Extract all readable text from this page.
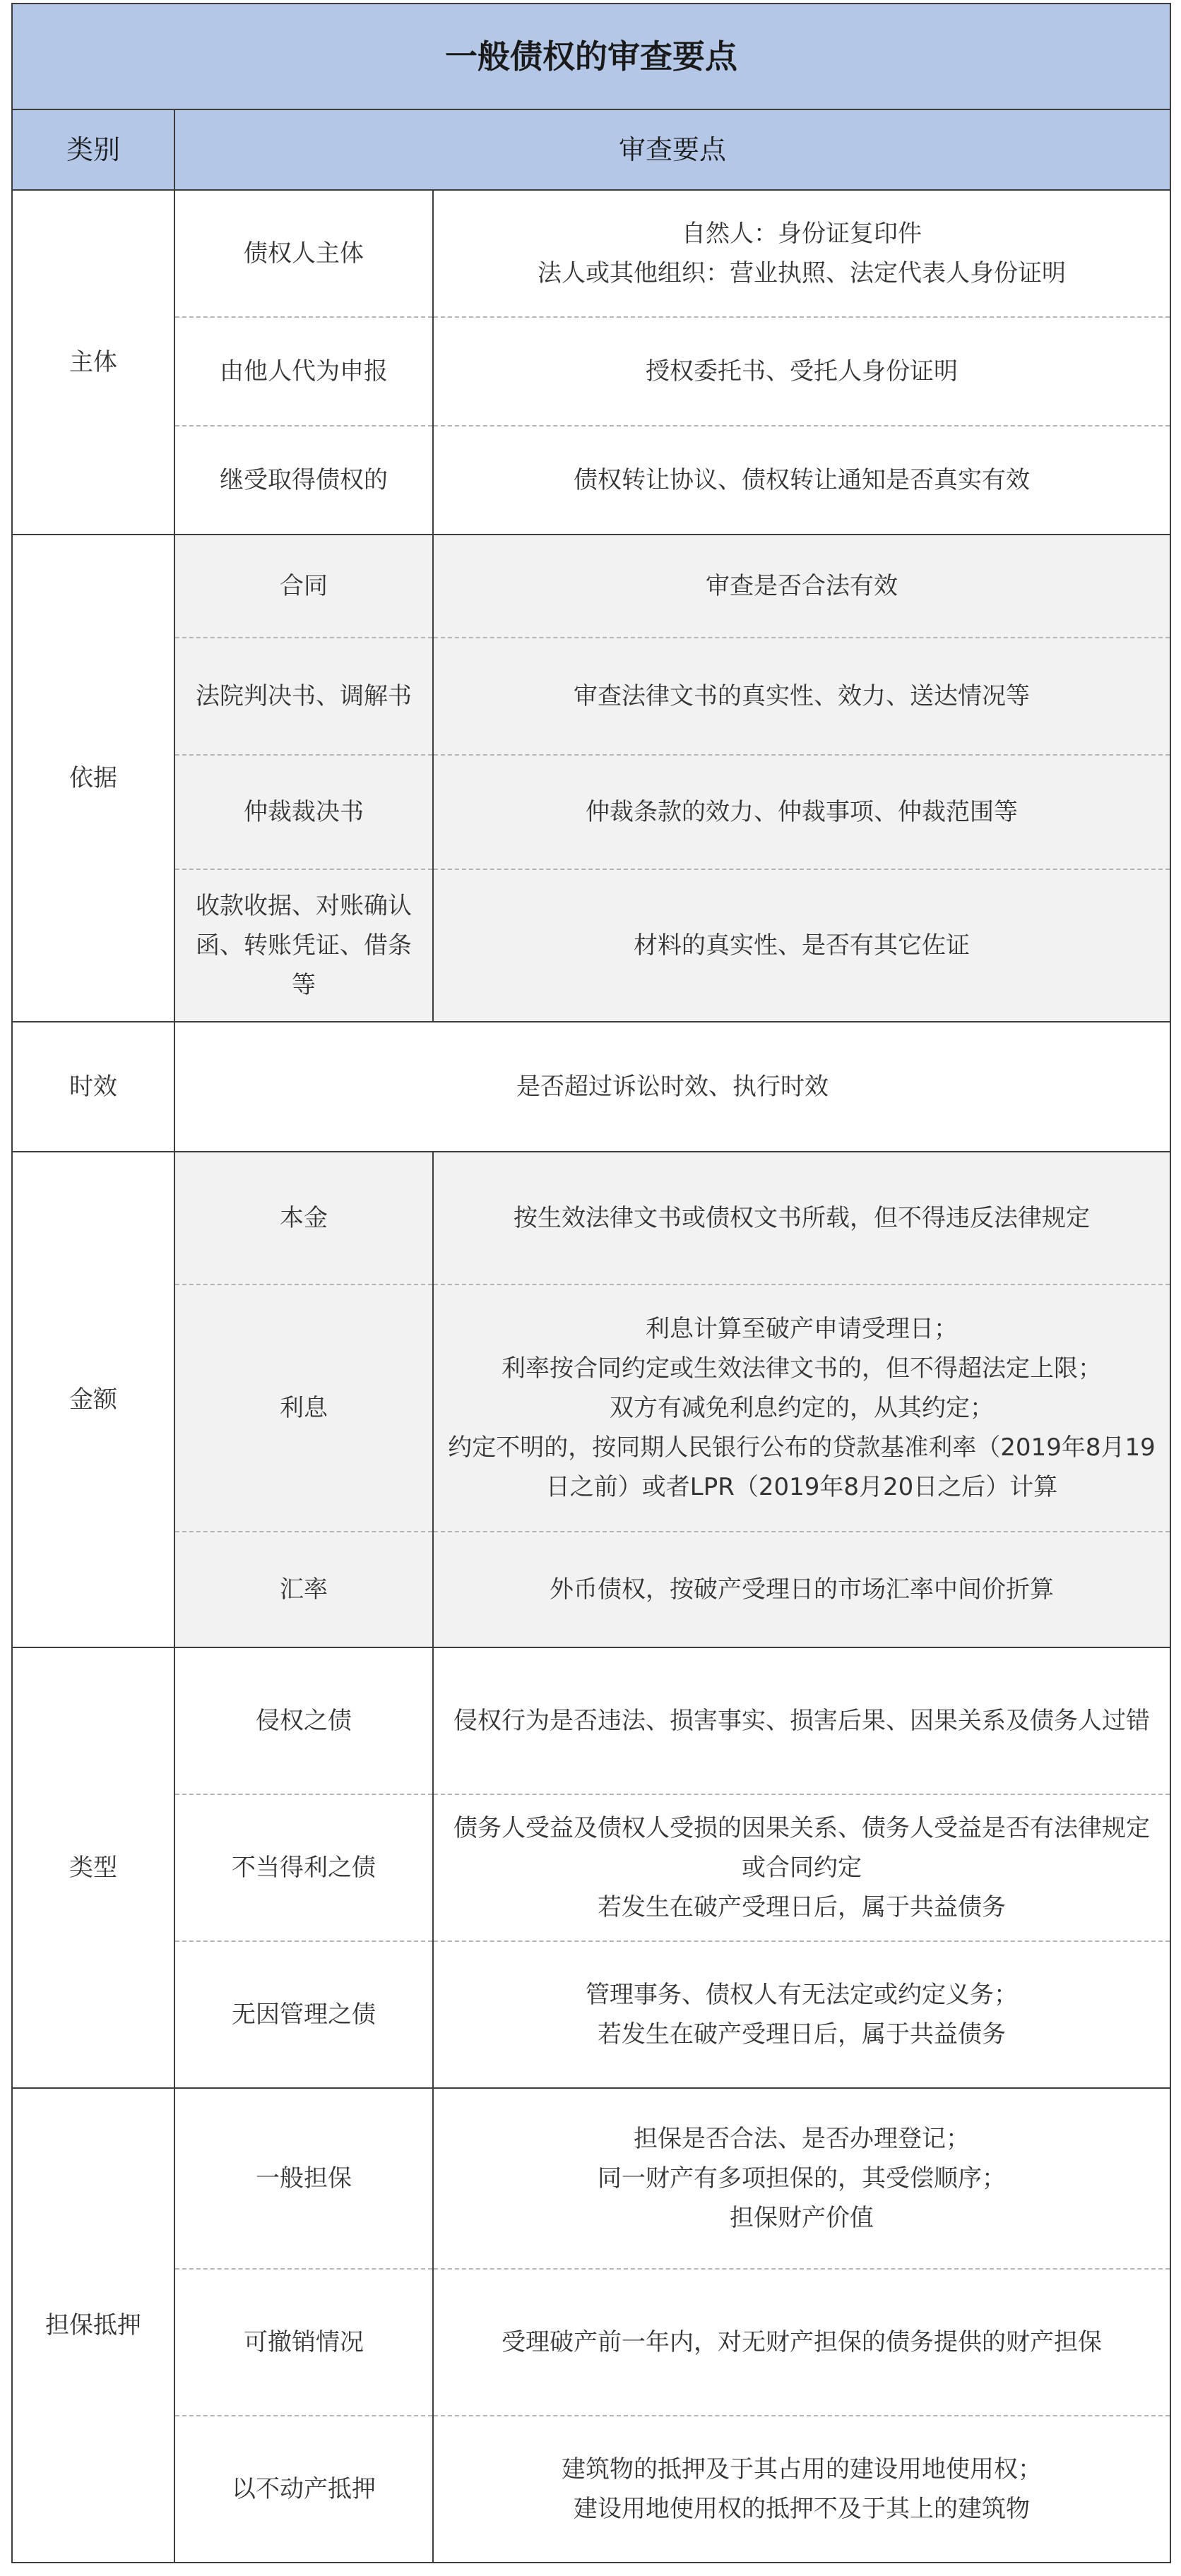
一般债权的审查要点		
类别	审查要点	
主体	债权人主体	自然人：身份证复印件
法人或其他组织：营业执照、法定代表人身份证明

	由他人代为申报	授权委托书、受托人身份证明

	继受取得债权的	债权转让协议、债权转让通知是否真实有效

依据	合同	审查是否合法有效

	法院判决书、调解书	审查法律文书的真实性、效力、送达情况等

	仲裁裁决书	仲裁条款的效力、仲裁事项、仲裁范围等

	收款收据、对账确认函、转账凭证、借条等	材料的真实性、是否有其它佐证

时效	是否超过诉讼时效、执行时效	

金额	本金	按生效法律文书或债权文书所载，但不得违反法律规定

	利息	利息计算至破产申请受理日；
利率按合同约定或生效法律文书的，但不得超法定上限；
双方有减免利息约定的，从其约定；
约定不明的，按同期人民银行公布的贷款基准利率（2019年8月19日之前）或者LPR（2019年8月20日之后）计算

	汇率	外币债权，按破产受理日的市场汇率中间价折算

类型	侵权之债	侵权行为是否违法、损害事实、损害后果、因果关系及债务人过错

	不当得利之债	债务人受益及债权人受损的因果关系、债务人受益是否有法律规定或合同约定
若发生在破产受理日后，属于共益债务

	无因管理之债	管理事务、债权人有无法定或约定义务；
若发生在破产受理日后，属于共益债务

担保抵押	一般担保	担保是否合法、是否办理登记；
同一财产有多项担保的，其受偿顺序；
担保财产价值

	可撤销情况	受理破产前一年内，对无财产担保的债务提供的财产担保

	以不动产抵押	建筑物的抵押及于其占用的建设用地使用权；
建设用地使用权的抵押不及于其上的建筑物
